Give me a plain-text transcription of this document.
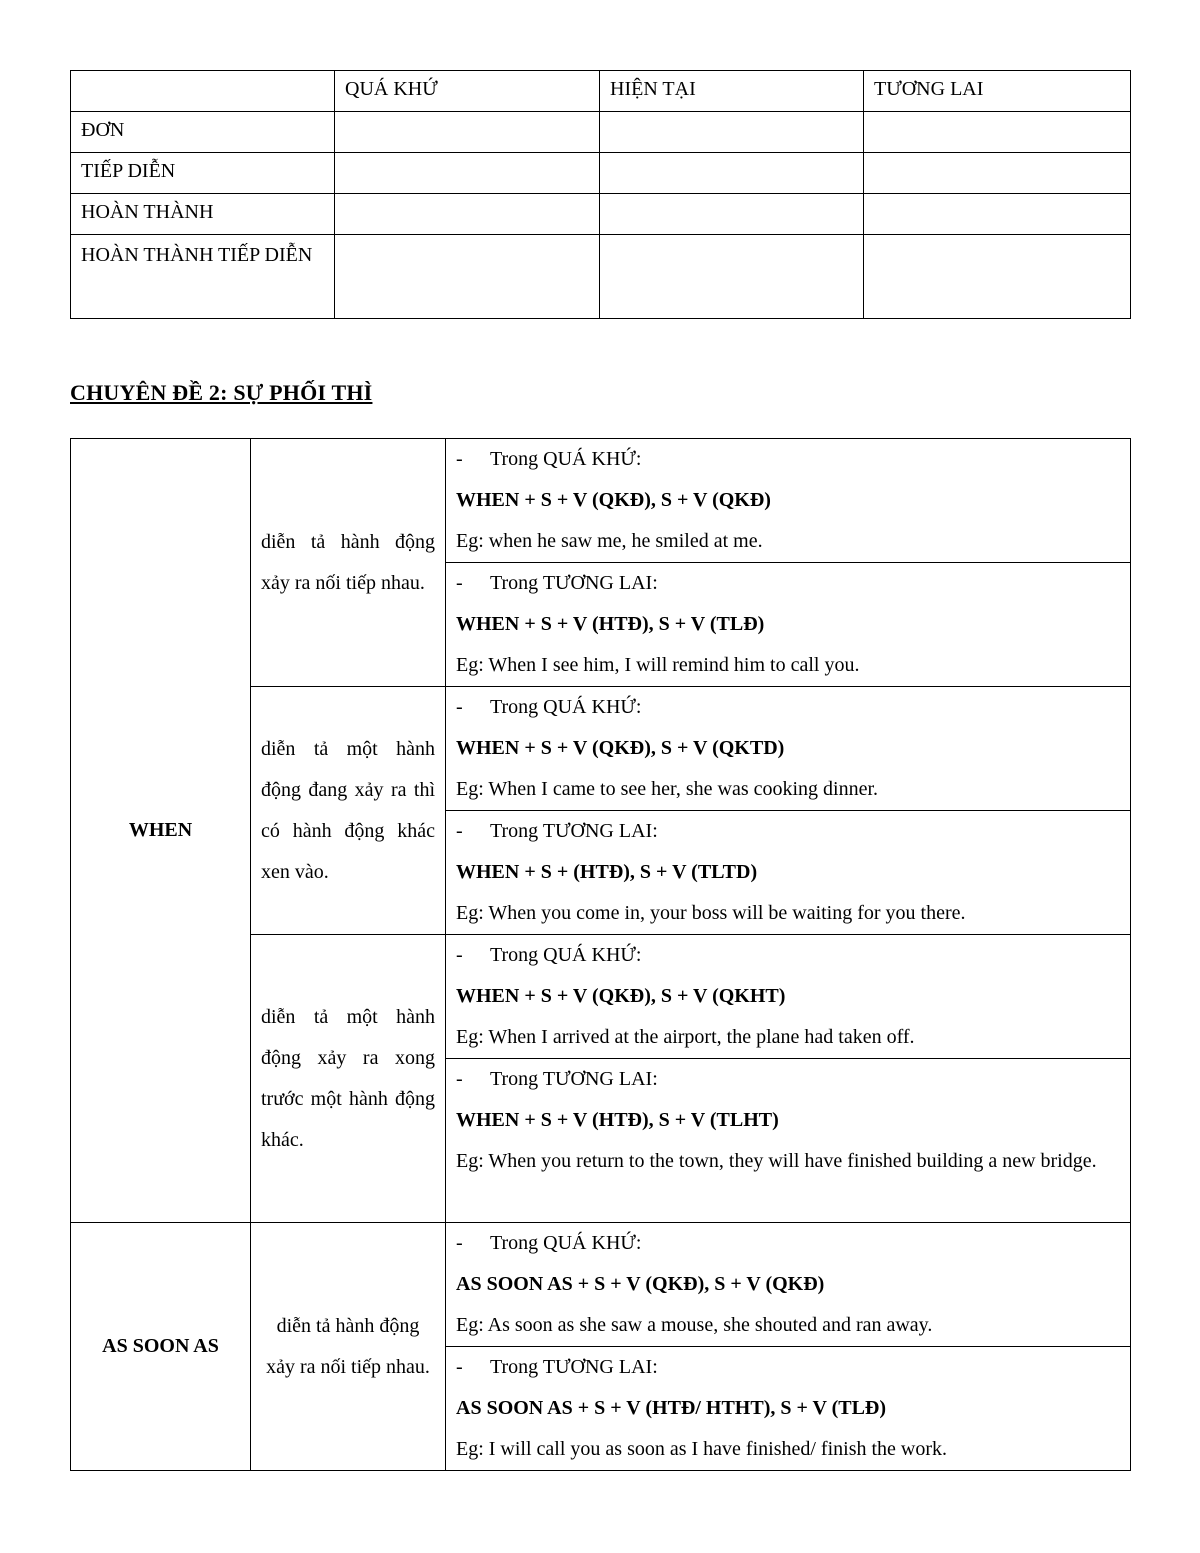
	QUÁ KHỨ	HIỆN TẠI	TƯƠNG LAI
ĐƠN			
TIẾP DIỄN			
HOÀN THÀNH			
HOÀN THÀNH TIẾP DIỄN			
CHUYÊN ĐỀ 2: SỰ PHỐI THÌ
WHEN	diễn tả hành động xảy ra nối tiếp nhau.	- Trong QUÁ KHỨ:
WHEN + S + V (QKĐ), S + V (QKĐ)
Eg: when he saw me, he smiled at me.

		- Trong TƯƠNG LAI:
WHEN + S + V (HTĐ), S + V (TLĐ)
Eg: When I see him, I will remind him to call you.

	diễn tả một hành động đang xảy ra thì có hành động khác xen vào.	- Trong QUÁ KHỨ:
WHEN + S + V (QKĐ), S + V (QKTD)
Eg: When I came to see her, she was cooking dinner.

		- Trong TƯƠNG LAI:
WHEN + S + (HTĐ), S + V (TLTD)
Eg: When you come in, your boss will be waiting for you there.

	diễn tả một hành động xảy ra xong trước một hành động khác.	- Trong QUÁ KHỨ:
WHEN + S + V (QKĐ), S + V (QKHT)
Eg: When I arrived at the airport, the plane had taken off.

		- Trong TƯƠNG LAI:
WHEN + S + V (HTĐ), S + V (TLHT)
Eg: When you return to the town, they will have finished building a new bridge.

AS SOON AS	diễn tả hành động xảy ra nối tiếp nhau.	- Trong QUÁ KHỨ:
AS SOON AS + S + V (QKĐ), S + V (QKĐ)
Eg: As soon as she saw a mouse, she shouted and ran away.

		- Trong TƯƠNG LAI:
AS SOON AS + S + V (HTĐ/ HTHT), S + V (TLĐ)
Eg: I will call you as soon as I have finished/ finish the work.
